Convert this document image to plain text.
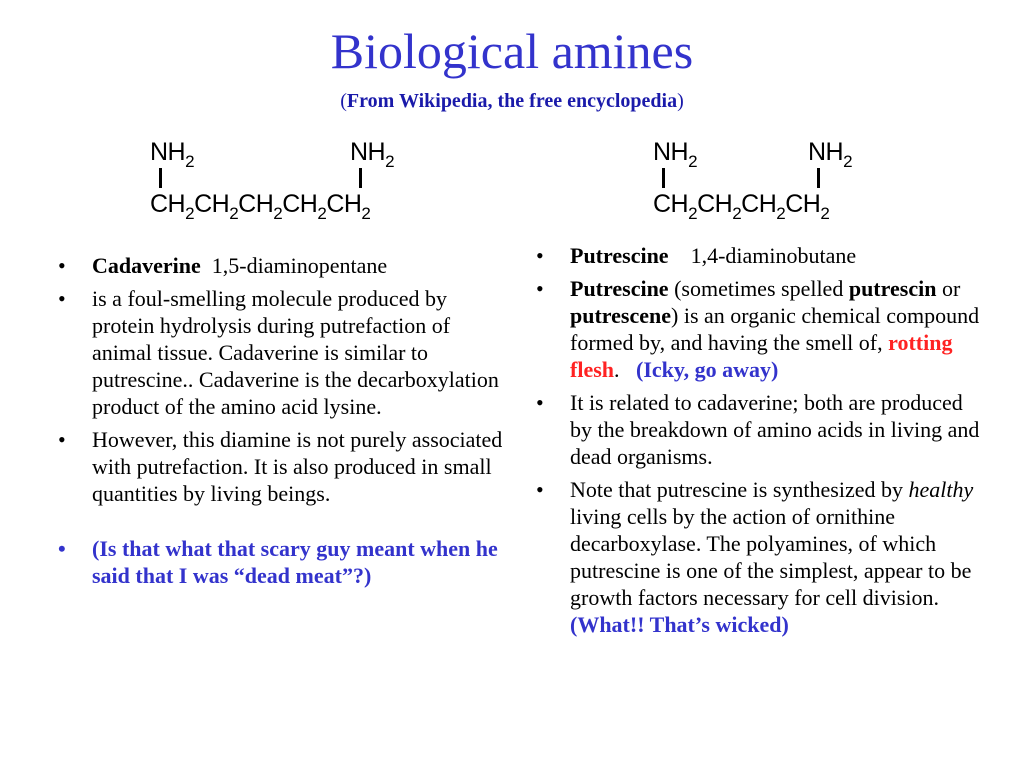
Biological amines
(From Wikipedia, the free encyclopedia)
$NH_2$	$NH_2$
$CH_2CH_2CH_2CH_2CH_2$
$NH_2$	$NH_2$
$CH_2CH_2CH_2CH_2$
• Cadaverine 1,5-diaminopentane
• is a foul-smelling molecule produced by protein hydrolysis during putrefaction of animal tissue. Cadaverine is similar to putrescine.. Cadaverine is the decarboxylation product of the amino acid lysine.
• However, this diamine is not purely associated with putrefaction. It is also produced in small quantities by living beings.
• (Is that what that scary guy meant when he said that I was “dead meat”?)
• Putrescine 1,4-diaminobutane
• Putrescine (sometimes spelled putrescin or putrescene) is an organic chemical compound formed by, and having the smell of, rotting flesh.   (Icky, go away)
• It is related to cadaverine; both are produced by the breakdown of amino acids in living and dead organisms.
• Note that putrescine is synthesized by healthy living cells by the action of ornithine decarboxylase. The polyamines, of which putrescine is one of the simplest, appear to be growth factors necessary for cell division.  (What!! That’s wicked)
